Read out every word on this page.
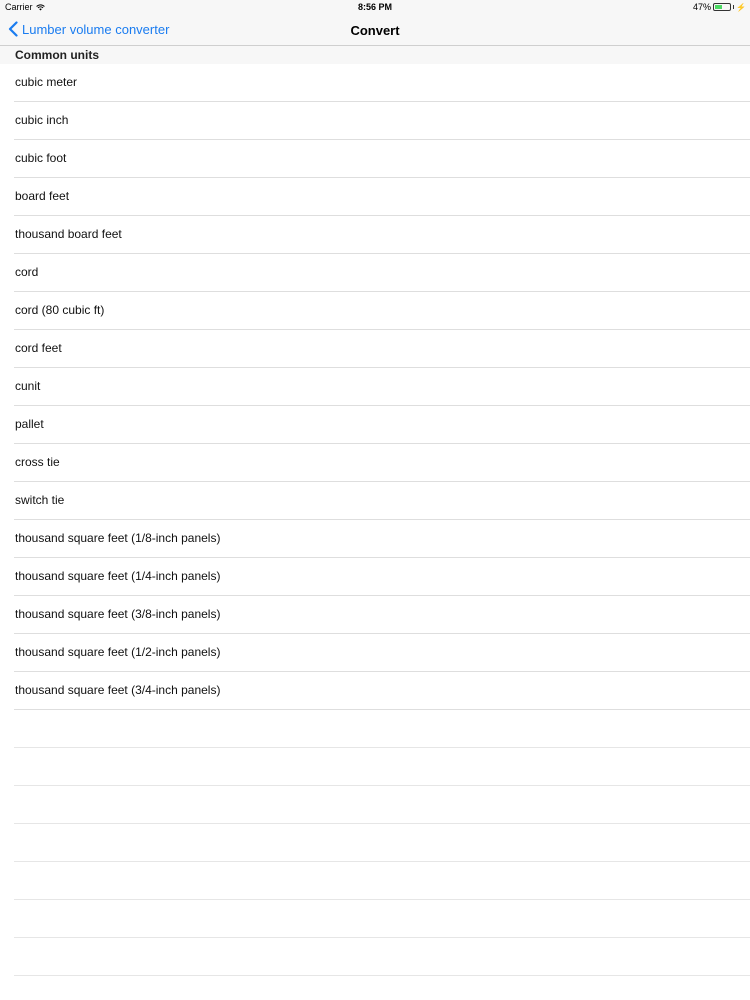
Carrier	8:56 PM	47%	⚡
Lumber volume converter	Convert
Common units
cubic meter
cubic inch
cubic foot
board feet
thousand board feet
cord
cord (80 cubic ft)
cord feet
cunit
pallet
cross tie
switch tie
thousand square feet (1/8-inch panels)
thousand square feet (1/4-inch panels)
thousand square feet (3/8-inch panels)
thousand square feet (1/2-inch panels)
thousand square feet (3/4-inch panels)
